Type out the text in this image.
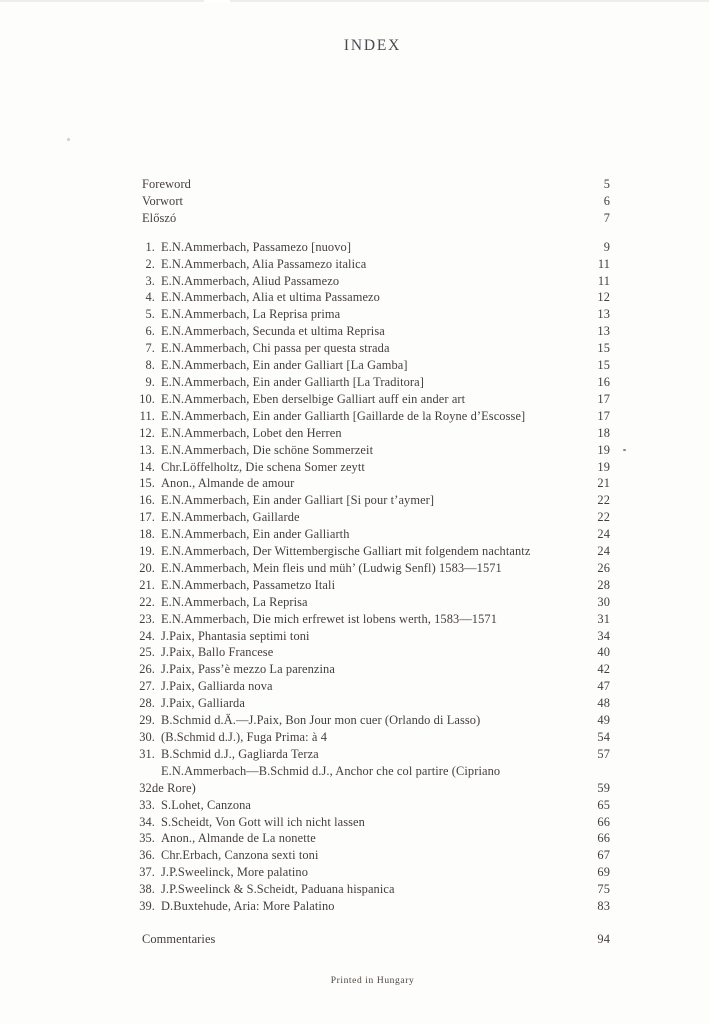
INDEX
Foreword	5
Vorwort	6
Előszó	7
1. E.N.Ammerbach, Passamezo [nuovo]	9
2. E.N.Ammerbach, Alia Passamezo italica	11
3. E.N.Ammerbach, Aliud Passamezo	11
4. E.N.Ammerbach, Alia et ultima Passamezo	12
5. E.N.Ammerbach, La Reprisa prima	13
6. E.N.Ammerbach, Secunda et ultima Reprisa	13
7. E.N.Ammerbach, Chi passa per questa strada	15
8. E.N.Ammerbach, Ein ander Galliart [La Gamba]	15
9. E.N.Ammerbach, Ein ander Galliarth [La Traditora]	16
10. E.N.Ammerbach, Eben derselbige Galliart auff ein ander art	17
11. E.N.Ammerbach, Ein ander Galliarth [Gaillarde de la Royne d’Escosse]	17
12. E.N.Ammerbach, Lobet den Herren	18
13. E.N.Ammerbach, Die schöne Sommerzeit	19
14. Chr.Löffelholtz, Die schena Somer zeytt	19
15. Anon., Almande de amour	21
16. E.N.Ammerbach, Ein ander Galliart [Si pour t’aymer]	22
17. E.N.Ammerbach, Gaillarde	22
18. E.N.Ammerbach, Ein ander Galliarth	24
19. E.N.Ammerbach, Der Wittembergische Galliart mit folgendem nachtantz	24
20. E.N.Ammerbach, Mein fleis und müh’ (Ludwig Senfl) 1583—1571	26
21. E.N.Ammerbach, Passametzo Itali	28
22. E.N.Ammerbach, La Reprisa	30
23. E.N.Ammerbach, Die mich erfrewet ist lobens werth, 1583—1571	31
24. J.Paix, Phantasia septimi toni	34
25. J.Paix, Ballo Francese	40
26. J.Paix, Pass’è mezzo La parenzina	42
27. J.Paix, Galliarda nova	47
28. J.Paix, Galliarda	48
29. B.Schmid d.Ä.—J.Paix, Bon Jour mon cuer (Orlando di Lasso)	49
30. (B.Schmid d.J.), Fuga Prima: à 4	54
31. B.Schmid d.J., Gagliarda Terza	57
32.
E.N.Ammerbach—B.Schmid d.J., Anchor che col partire (Cipriano
de Rore)	59
33. S.Lohet, Canzona	65
34. S.Scheidt, Von Gott will ich nicht lassen	66
35. Anon., Almande de La nonette	66
36. Chr.Erbach, Canzona sexti toni	67
37. J.P.Sweelinck, More palatino	69
38. J.P.Sweelinck & S.Scheidt, Paduana hispanica	75
39. D.Buxtehude, Aria: More Palatino	83
Commentaries	94
Printed in Hungary
